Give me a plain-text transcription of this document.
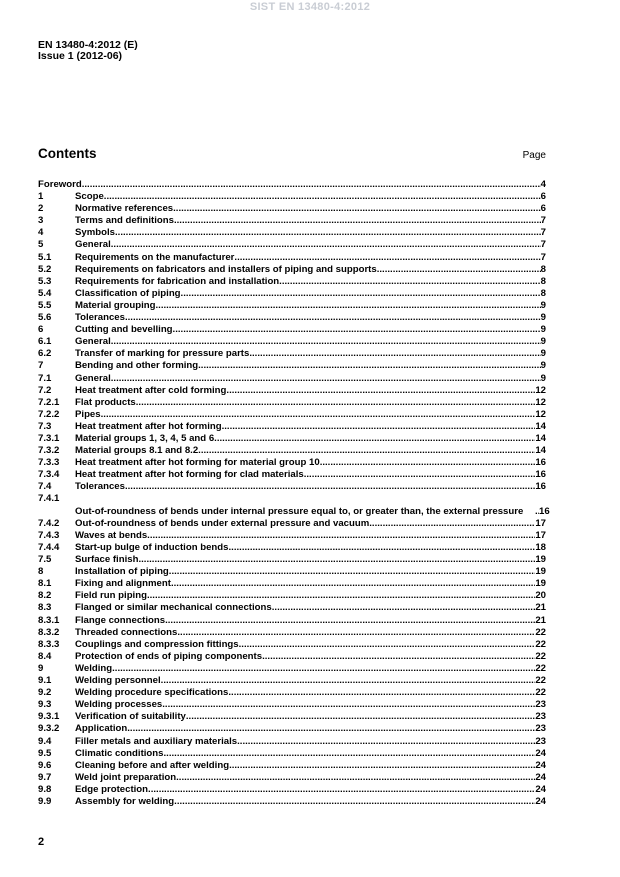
SIST EN 13480-4:2012
EN 13480-4:2012 (E)
Issue 1 (2012-06)
Contents	Page
Foreword .....	4
1	Scope .....	6
2	Normative references .....	6
3	Terms and definitions .....	7
4	Symbols .....	7
5	General .....	7
5.1	Requirements on the manufacturer .....	7
5.2	Requirements on fabricators and installers of piping and supports .....	8
5.3	Requirements for fabrication and installation .....	8
5.4	Classification of piping .....	8
5.5	Material grouping .....	9
5.6	Tolerances .....	9
6	Cutting and bevelling .....	9
6.1	General .....	9
6.2	Transfer of marking for pressure parts .....	9
7	Bending and other forming .....	9
7.1	General .....	9
7.2	Heat treatment after cold forming .....	12
7.2.1	Flat products .....	12
7.2.2	Pipes .....	12
7.3	Heat treatment after hot forming .....	14
7.3.1	Material groups 1, 3, 4, 5 and 6 .....	14
7.3.2	Material groups 8.1 and 8.2 .....	14
7.3.3	Heat treatment after hot forming for material group 10 .....	16
7.3.4	Heat treatment after hot forming for clad materials .....	16
7.4	Tolerances .....	16
7.4.1
Out-of-roundness of bends under internal pressure equal to, or greater than, the external pressure .....	16
7.4.2	Out-of-roundness of bends under external pressure and vacuum .....	17
7.4.3	Waves at bends .....	17
7.4.4	Start-up bulge of induction bends .....	18
7.5	Surface finish .....	19
8	Installation of piping .....	19
8.1	Fixing and alignment .....	19
8.2	Field run piping .....	20
8.3	Flanged or similar mechanical connections .....	21
8.3.1	Flange connections .....	21
8.3.2	Threaded connections .....	22
8.3.3	Couplings and compression fittings .....	22
8.4	Protection of ends of piping components .....	22
9	Welding .....	22
9.1	Welding personnel .....	22
9.2	Welding procedure specifications .....	22
9.3	Welding processes .....	23
9.3.1	Verification of suitability .....	23
9.3.2	Application .....	23
9.4	Filler metals and auxiliary materials .....	23
9.5	Climatic conditions .....	24
9.6	Cleaning before and after welding .....	24
9.7	Weld joint preparation .....	24
9.8	Edge protection .....	24
9.9	Assembly for welding .....	24
2
